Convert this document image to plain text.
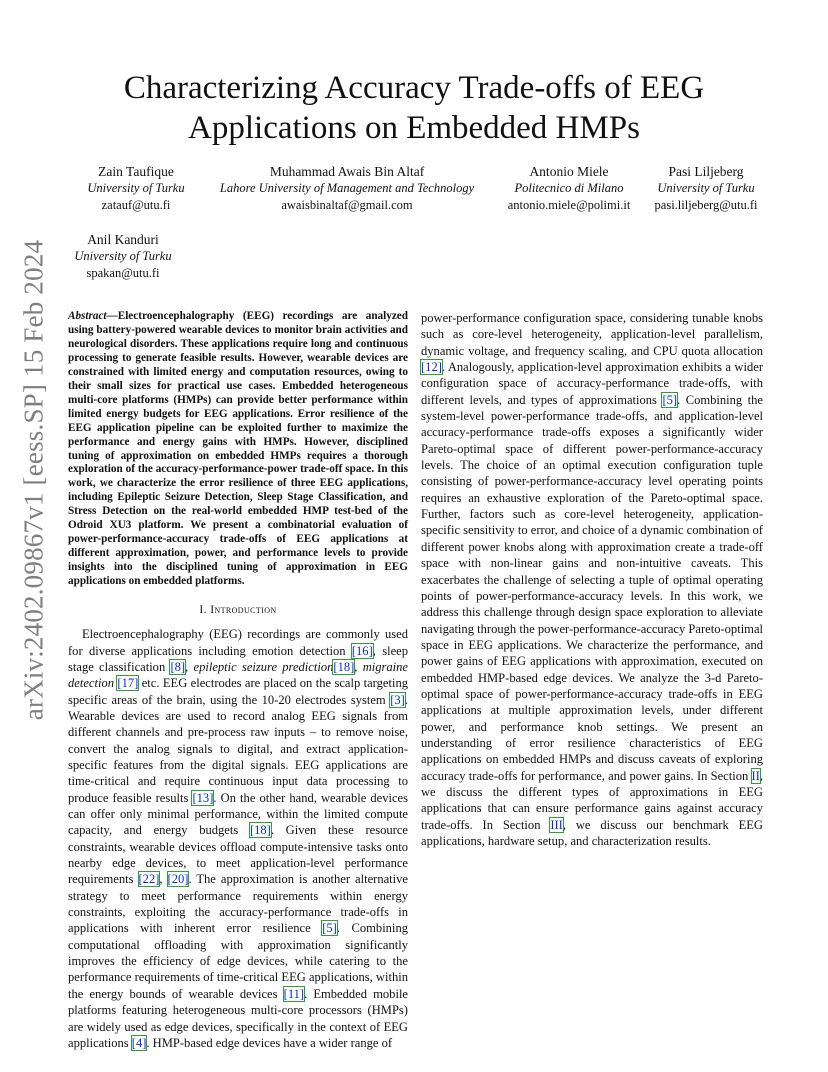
arXiv:2402.09867v1 [eess.SP] 15 Feb 2024
Characterizing Accuracy Trade-offs of EEG
Applications on Embedded HMPs
Zain Taufique
University of Turku
zatauf@utu.fi
Muhammad Awais Bin Altaf
Lahore University of Management and Technology
awaisbinaltaf@gmail.com
Antonio Miele
Politecnico di Milano
antonio.miele@polimi.it
Pasi Liljeberg
University of Turku
pasi.liljeberg@utu.fi
Anil Kanduri
University of Turku
spakan@utu.fi

Abstract—Electroencephalography (EEG) recordings are analyzed using battery-powered wearable devices to monitor brain activities and neurological disorders. These applications require long and continuous processing to generate feasible results. However, wearable devices are constrained with limited energy and computation resources, owing to their small sizes for practical use cases. Embedded heterogeneous multi-core platforms (HMPs) can provide better performance within limited energy budgets for EEG applications. Error resilience of the EEG application pipeline can be exploited further to maximize the performance and energy gains with HMPs. However, disciplined tuning of approximation on embedded HMPs requires a thorough exploration of the accuracy-performance-power trade-off space. In this work, we characterize the error resilience of three EEG applications, including Epileptic Seizure Detection, Sleep Stage Classification, and Stress Detection on the real-world embedded HMP test-bed of the Odroid XU3 platform. We present a combinatorial evaluation of power-performance-accuracy trade-offs of EEG applications at different approximation, power, and performance levels to provide insights into the disciplined tuning of approximation in EEG applications on embedded platforms.

I. Introduction

Electroencephalography (EEG) recordings are commonly used for diverse applications including emotion detection [16], sleep stage classification [8], epileptic seizure prediction[18], migraine detection [17] etc. EEG electrodes are placed on the scalp targeting specific areas of the brain, using the 10-20 electrodes system [3]. Wearable devices are used to record analog EEG signals from different channels and pre-process raw inputs – to remove noise, convert the analog signals to digital, and extract application-specific features from the digital signals. EEG applications are time-critical and require continuous input data processing to produce feasible results [13]. On the other hand, wearable devices can offer only minimal performance, within the limited compute capacity, and energy budgets [18]. Given these resource constraints, wearable devices offload compute-intensive tasks onto nearby edge devices, to meet application-level performance requirements [22], [20]. The approximation is another alternative strategy to meet performance requirements within energy constraints, exploiting the accuracy-performance trade-offs in applications with inherent error resilience [5]. Combining computational offloading with approximation significantly improves the efficiency of edge devices, while catering to the performance requirements of time-critical EEG applications, within the energy bounds of wearable devices [11]. Embedded mobile platforms featuring heterogeneous multi-core processors (HMPs) are widely used as edge devices, specifically in the context of EEG applications [4]. HMP-based edge devices have a wider range of

power-performance configuration space, considering tunable knobs such as core-level heterogeneity, application-level parallelism, dynamic voltage, and frequency scaling, and CPU quota allocation [12]. Analogously, application-level approximation exhibits a wider configuration space of accuracy-performance trade-offs, with different levels, and types of approximations [5]. Combining the system-level power-performance trade-offs, and application-level accuracy-performance trade-offs exposes a significantly wider Pareto-optimal space of different power-performance-accuracy levels. The choice of an optimal execution configuration tuple consisting of power-performance-accuracy level operating points requires an exhaustive exploration of the Pareto-optimal space. Further, factors such as core-level heterogeneity, application-specific sensitivity to error, and choice of a dynamic combination of different power knobs along with approximation create a trade-off space with non-linear gains and non-intuitive caveats. This exacerbates the challenge of selecting a tuple of optimal operating points of power-performance-accuracy levels. In this work, we address this challenge through design space exploration to alleviate navigating through the power-performance-accuracy Pareto-optimal space in EEG applications. We characterize the performance, and power gains of EEG applications with approximation, executed on embedded HMP-based edge devices. We analyze the 3-d Pareto-optimal space of power-performance-accuracy trade-offs in EEG applications at multiple approximation levels, under different power, and performance knob settings. We present an understanding of error resilience characteristics of EEG applications on embedded HMPs and discuss caveats of exploring accuracy trade-offs for performance, and power gains. In Section II, we discuss the different types of approximations in EEG applications that can ensure performance gains against accuracy trade-offs. In Section III, we discuss our benchmark EEG applications, hardware setup, and characterization results.
